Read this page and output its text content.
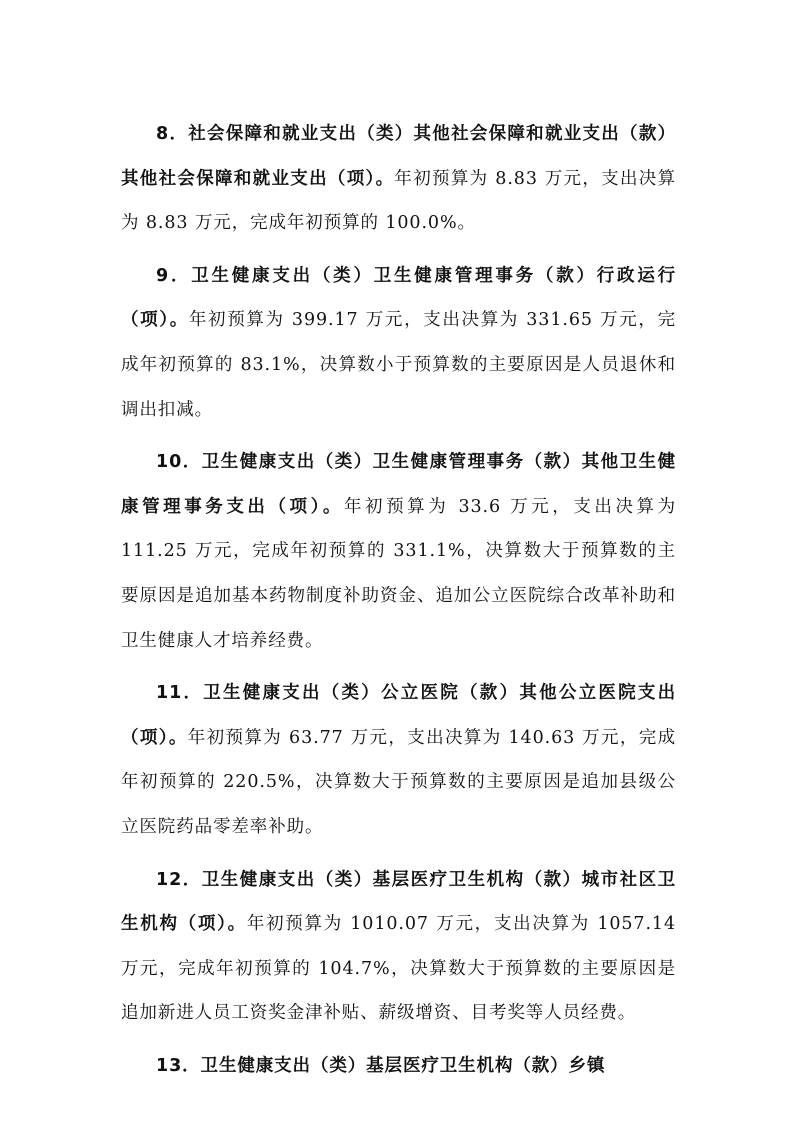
8．社会保障和就业支出（类）其他社会保障和就业支出（款）其他社会保障和就业支出（项）。年初预算为 8.83 万元，支出决算为 8.83 万元，完成年初预算的 100.0%。

9．卫生健康支出（类）卫生健康管理事务（款）行政运行（项）。年初预算为 399.17 万元，支出决算为 331.65 万元，完成年初预算的 83.1%，决算数小于预算数的主要原因是人员退休和调出扣减。

10．卫生健康支出（类）卫生健康管理事务（款）其他卫生健康管理事务支出（项）。年初预算为 33.6 万元，支出决算为 111.25 万元，完成年初预算的 331.1%，决算数大于预算数的主要原因是追加基本药物制度补助资金、追加公立医院综合改革补助和卫生健康人才培养经费。

11．卫生健康支出（类）公立医院（款）其他公立医院支出（项）。年初预算为 63.77 万元，支出决算为 140.63 万元，完成年初预算的 220.5%，决算数大于预算数的主要原因是追加县级公立医院药品零差率补助。

12．卫生健康支出（类）基层医疗卫生机构（款）城市社区卫生机构（项）。年初预算为 1010.07 万元，支出决算为 1057.14 万元，完成年初预算的 104.7%，决算数大于预算数的主要原因是追加新进人员工资奖金津补贴、薪级增资、目考奖等人员经费。

13．卫生健康支出（类）基层医疗卫生机构（款）乡镇
